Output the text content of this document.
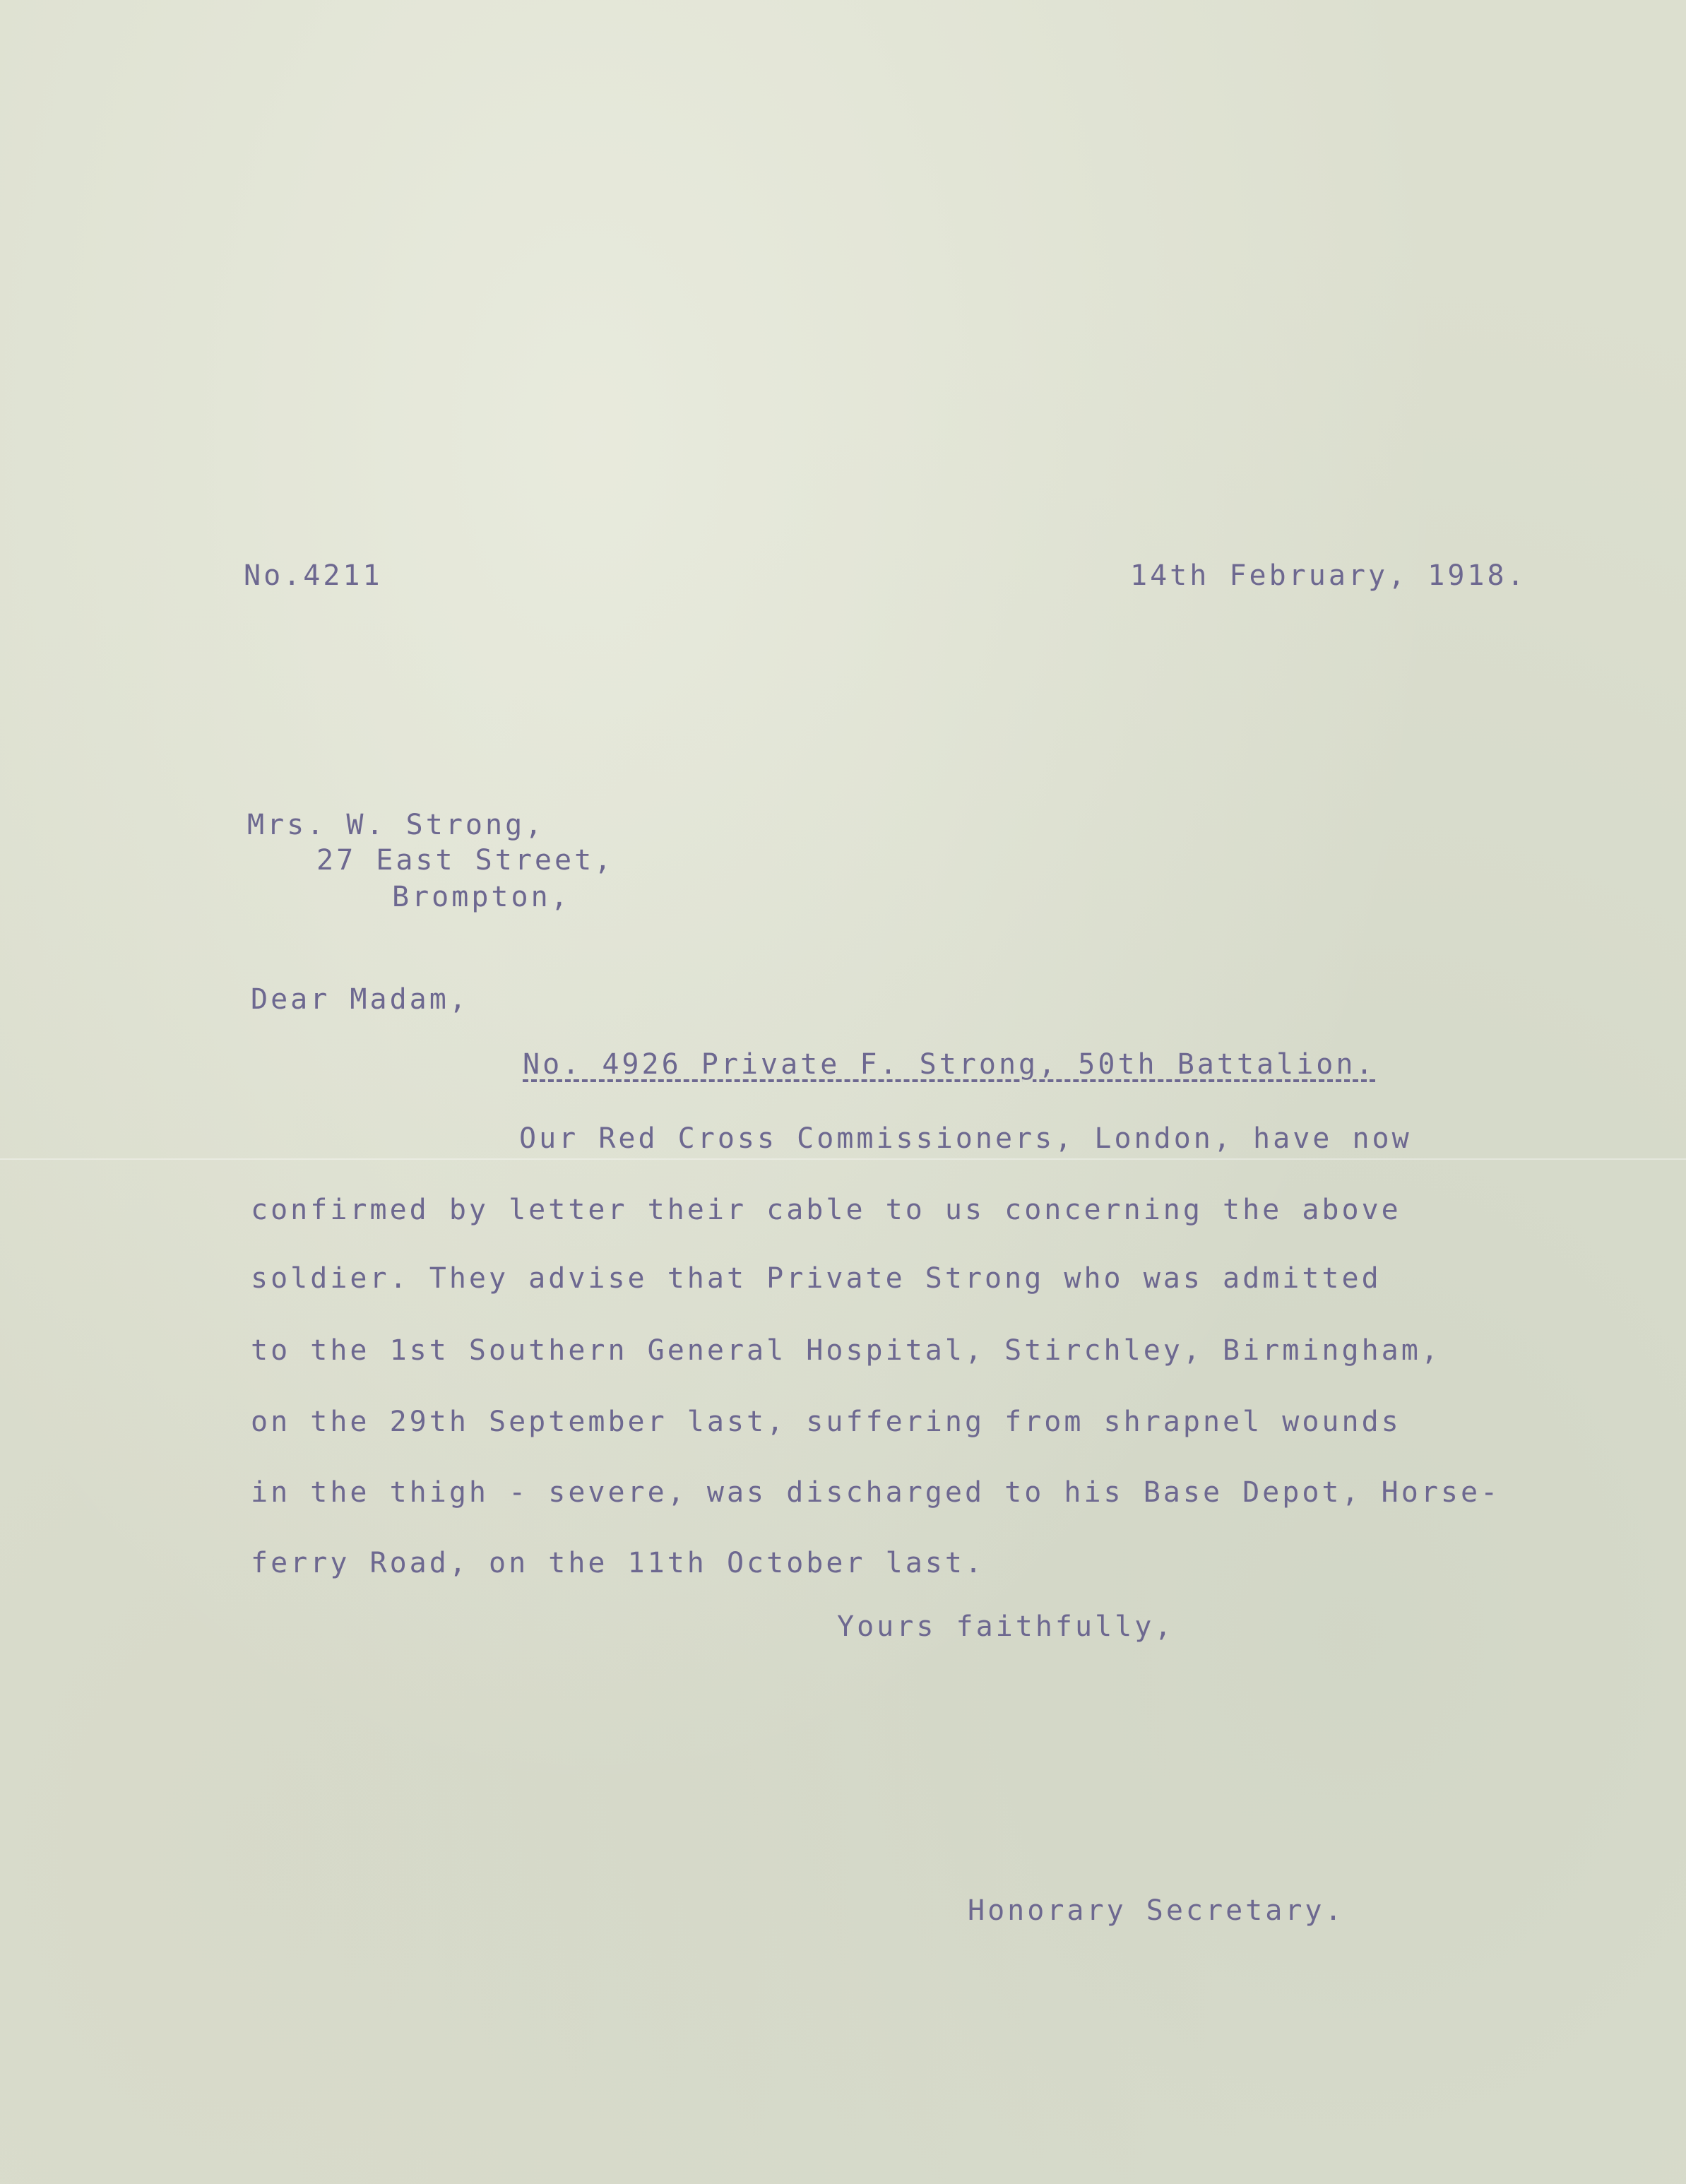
No.4211	14th February, 1918.
Mrs. W. Strong,
27 East Street,
Brompton,
Dear Madam,
No. 4926 Private F. Strong, 50th Battalion.
Our Red Cross Commissioners, London, have now
confirmed by letter their cable to us concerning the above
soldier. They advise that Private Strong who was admitted
to the 1st Southern General Hospital, Stirchley, Birmingham,
on the 29th September last, suffering from shrapnel wounds
in the thigh - severe, was discharged to his Base Depot, Horse-
ferry Road, on the 11th October last.
Yours faithfully,
Honorary Secretary.
